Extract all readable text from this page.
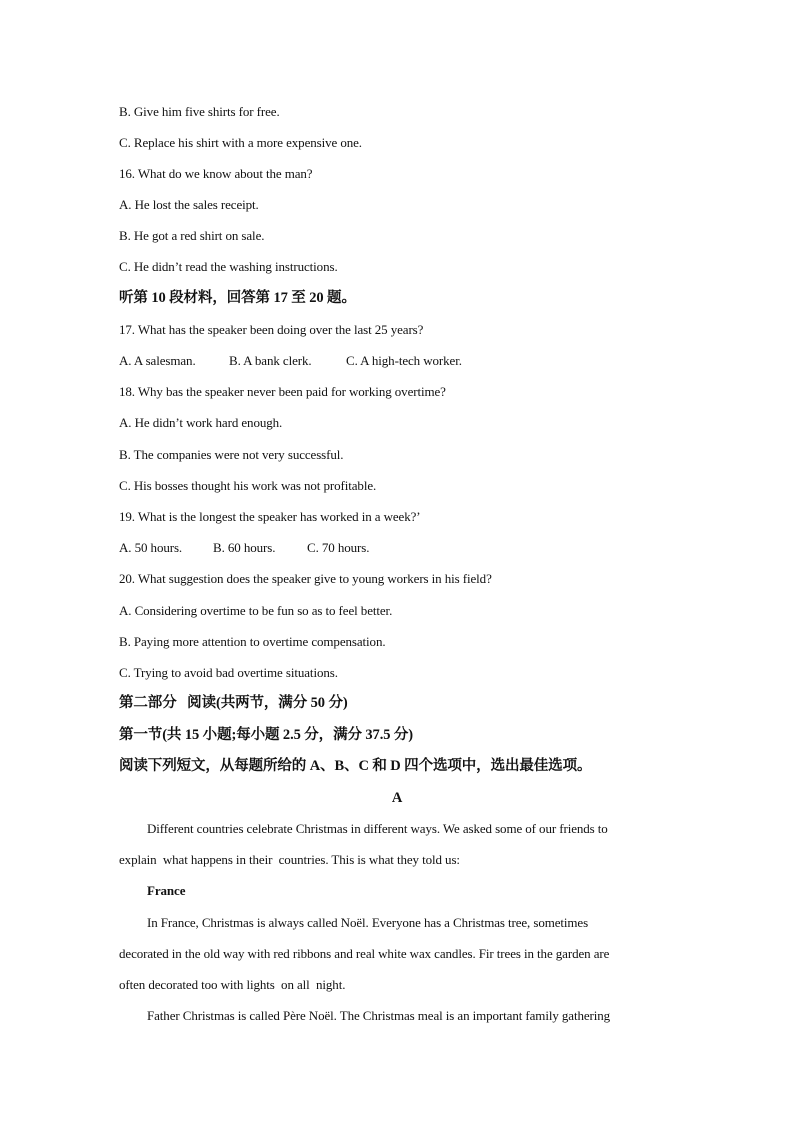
B. Give him five shirts for free.
C. Replace his shirt with a more expensive one.
16. What do we know about the man?
A. He lost the sales receipt.
B. He got a red shirt on sale.
C. He didn’t read the washing instructions.
听第 10 段材料，回答第 17 至 20 题。
17. What has the speaker been doing over the last 25 years?
A. A salesman.	B. A bank clerk.	C. A high-tech worker.
18. Why bas the speaker never been paid for working overtime?
A. He didn’t work hard enough.
B. The companies were not very successful.
C. His bosses thought his work was not profitable.
19. What is the longest the speaker has worked in a week?’
A. 50 hours. B. 60 hours. C. 70 hours.
20. What suggestion does the speaker give to young workers in his field?
A. Considering overtime to be fun so as to feel better.
B. Paying more attention to overtime compensation.
C. Trying to avoid bad overtime situations.
第二部分   阅读(共两节，满分 50 分)
第一节(共 15 小题;每小题 2.5 分，满分 37.5 分)
阅读下列短文，从每题所给的 A、B、C 和 D 四个选项中，选出最佳选项。
A
Different countries celebrate Christmas in different ways. We asked some of our friends to
explain  what happens in their  countries. This is what they told us:
France
In France, Christmas is always called Noël. Everyone has a Christmas tree, sometimes
decorated in the old way with red ribbons and real white wax candles. Fir trees in the garden are
often decorated too with lights  on all  night.
Father Christmas is called Père Noël. The Christmas meal is an important family gathering
